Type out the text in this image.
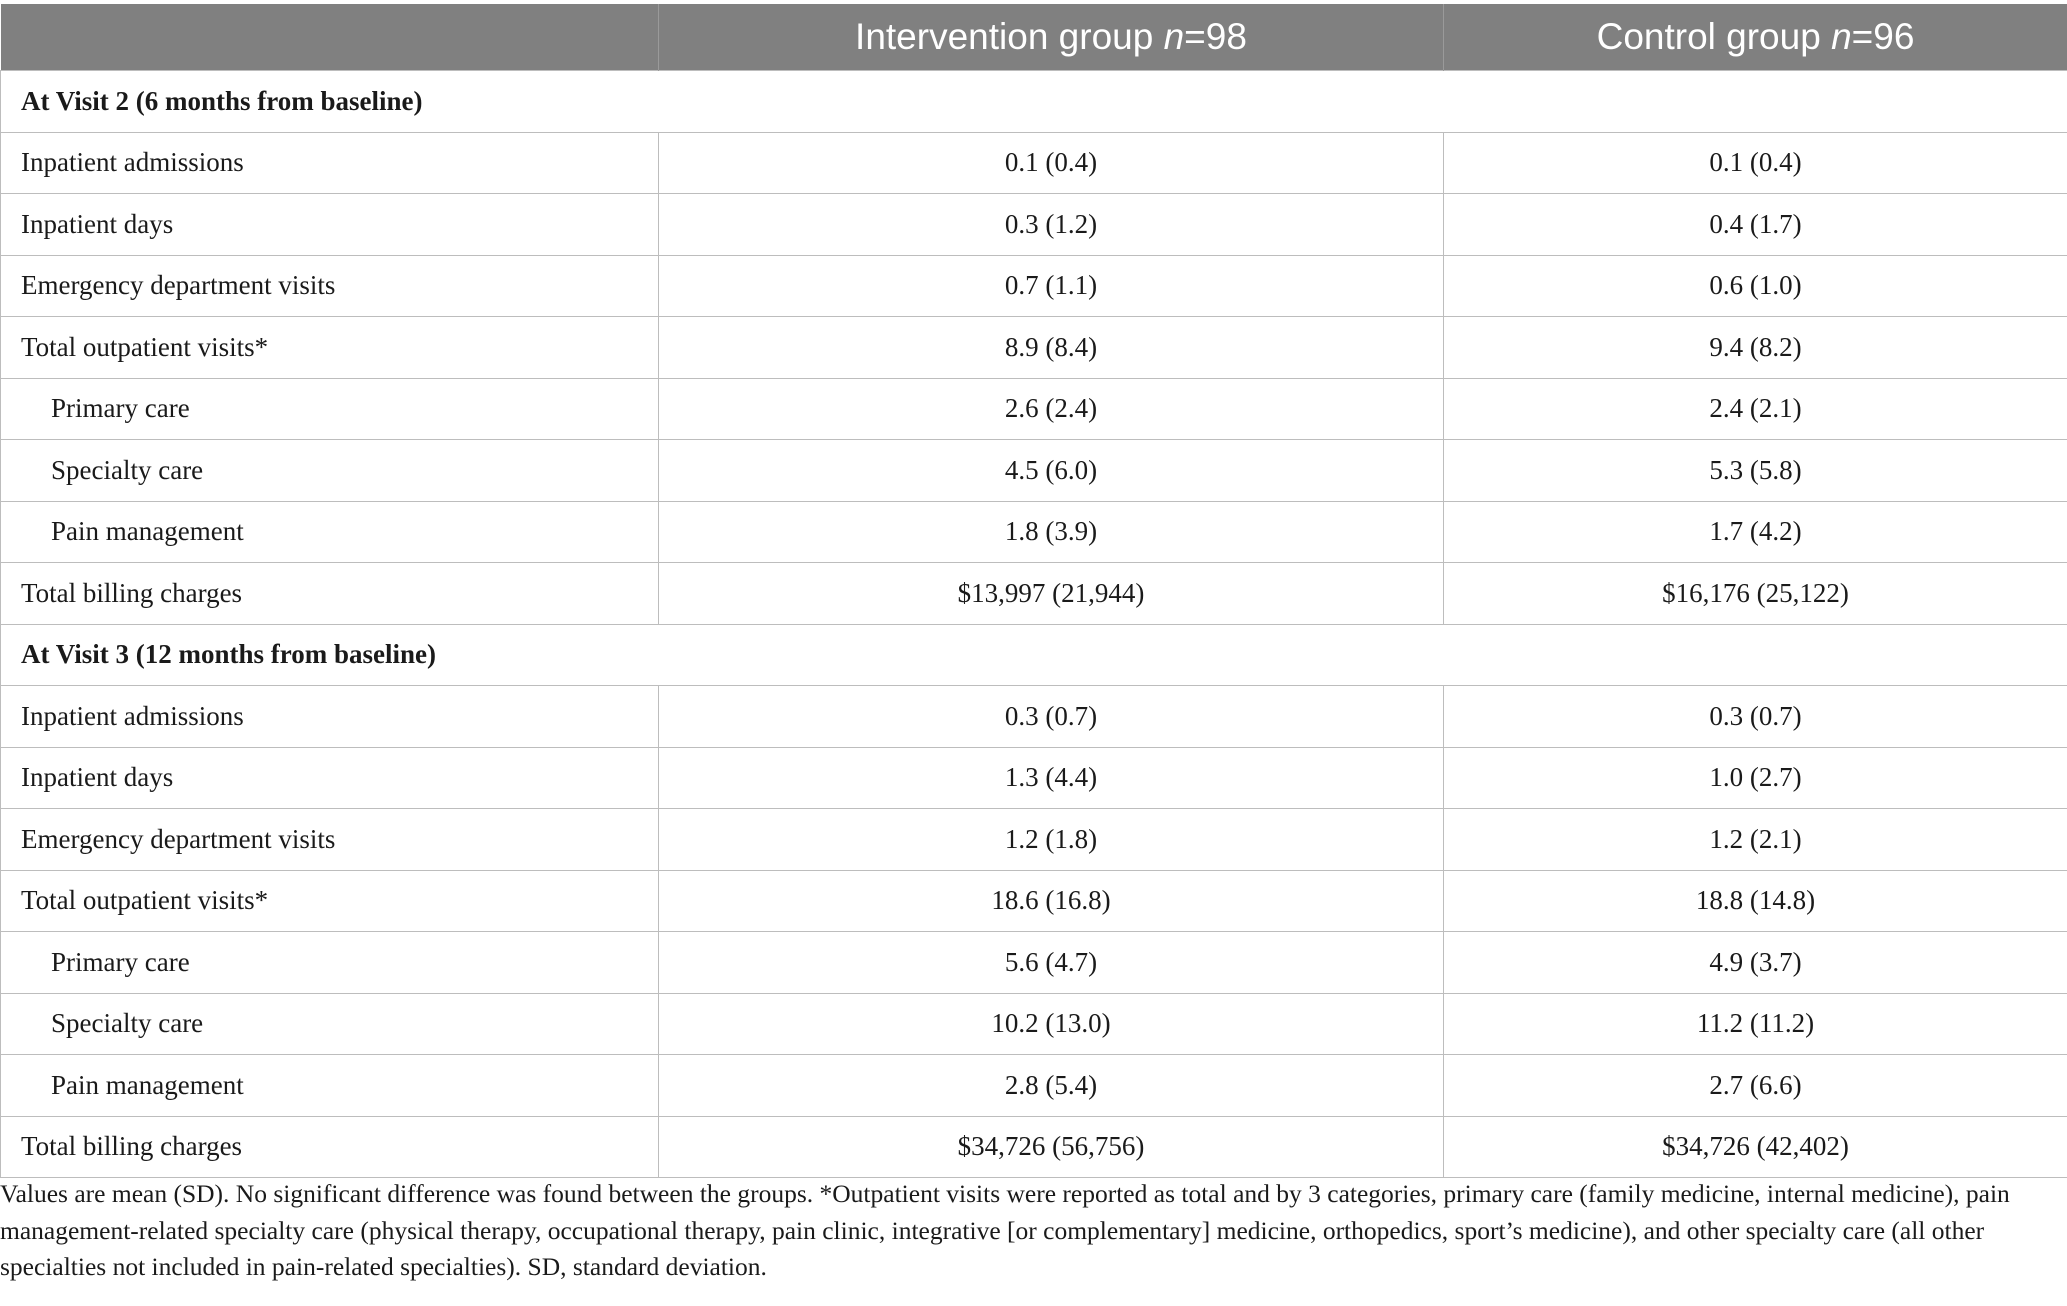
	Intervention group n=98	Control group n=96
At Visit 2 (6 months from baseline)		
Inpatient admissions	0.1 (0.4)	0.1 (0.4)
Inpatient days	0.3 (1.2)	0.4 (1.7)
Emergency department visits	0.7 (1.1)	0.6 (1.0)
Total outpatient visits*	8.9 (8.4)	9.4 (8.2)
Primary care	2.6 (2.4)	2.4 (2.1)
Specialty care	4.5 (6.0)	5.3 (5.8)
Pain management	1.8 (3.9)	1.7 (4.2)
Total billing charges	$13,997 (21,944)	$16,176 (25,122)
At Visit 3 (12 months from baseline)		
Inpatient admissions	0.3 (0.7)	0.3 (0.7)
Inpatient days	1.3 (4.4)	1.0 (2.7)
Emergency department visits	1.2 (1.8)	1.2 (2.1)
Total outpatient visits*	18.6 (16.8)	18.8 (14.8)
Primary care	5.6 (4.7)	4.9 (3.7)
Specialty care	10.2 (13.0)	11.2 (11.2)
Pain management	2.8 (5.4)	2.7 (6.6)
Total billing charges	$34,726 (56,756)	$34,726 (42,402)
Values are mean (SD). No significant difference was found between the groups. *Outpatient visits were reported as total and by 3 categories, primary care (family medicine, internal medicine), pain management-related specialty care (physical therapy, occupational therapy, pain clinic, integrative [or complementary] medicine, orthopedics, sport’s medicine), and other specialty care (all other specialties not included in pain-related specialties). SD, standard deviation.
